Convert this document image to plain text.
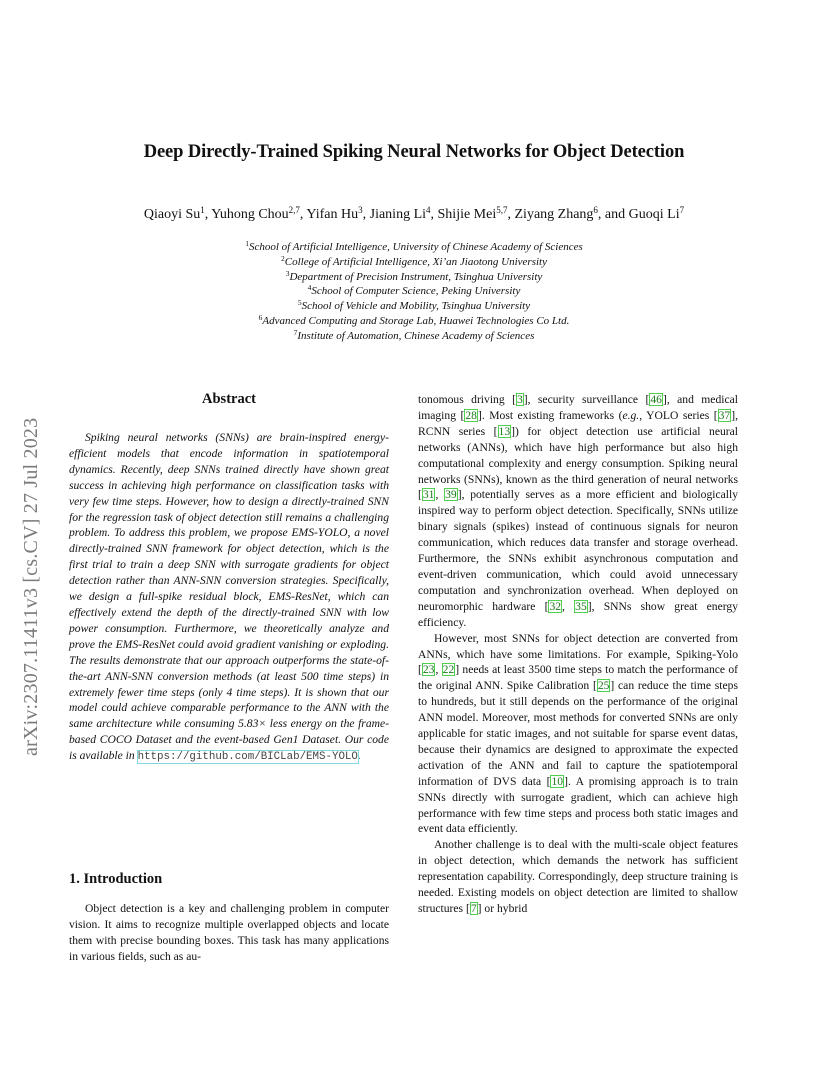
arXiv:2307.11411v3 [cs.CV] 27 Jul 2023
Deep Directly-Trained Spiking Neural Networks for Object Detection
Qiaoyi Su$^1$, Yuhong Chou$^{2,7}$, Yifan Hu$^3$, Jianing Li$^4$, Shijie Mei$^{5,7}$, Ziyang Zhang$^6$, and Guoqi Li$^7$
$^1$School of Artificial Intelligence, University of Chinese Academy of Sciences
$^2$College of Artificial Intelligence, Xi’an Jiaotong University
$^3$Department of Precision Instrument, Tsinghua University
$^4$School of Computer Science, Peking University
$^5$School of Vehicle and Mobility, Tsinghua University
$^6$Advanced Computing and Storage Lab, Huawei Technologies Co Ltd.
$^7$Institute of Automation, Chinese Academy of Sciences
Abstract
Spiking neural networks (SNNs) are brain-inspired energy-efficient models that encode information in spatiotemporal dynamics. Recently, deep SNNs trained directly have shown great success in achieving high performance on classification tasks with very few time steps. However, how to design a directly-trained SNN for the regression task of object detection still remains a challenging problem. To address this problem, we propose EMS-YOLO, a novel directly-trained SNN framework for object detection, which is the first trial to train a deep SNN with surrogate gradients for object detection rather than ANN-SNN conversion strategies. Specifically, we design a full-spike residual block, EMS-ResNet, which can effectively extend the depth of the directly-trained SNN with low power consumption. Furthermore, we theoretically analyze and prove the EMS-ResNet could avoid gradient vanishing or exploding. The results demonstrate that our approach outperforms the state-of-the-art ANN-SNN conversion methods (at least 500 time steps) in extremely fewer time steps (only 4 time steps). It is shown that our model could achieve comparable performance to the ANN with the same architecture while consuming 5.83× less energy on the frame-based COCO Dataset and the event-based Gen1 Dataset. Our code is available in https://github.com/BICLab/EMS-YOLO.
1. Introduction
Object detection is a key and challenging problem in computer vision. It aims to recognize multiple overlapped objects and locate them with precise bounding boxes. This task has many applications in various fields, such as au-

tonomous driving [3], security surveillance [46], and medical imaging [28]. Most existing frameworks (e.g., YOLO series [37], RCNN series [13]) for object detection use artificial neural networks (ANNs), which have high performance but also high computational complexity and energy consumption. Spiking neural networks (SNNs), known as the third generation of neural networks [31, 39], potentially serves as a more efficient and biologically inspired way to perform object detection. Specifically, SNNs utilize binary signals (spikes) instead of continuous signals for neuron communication, which reduces data transfer and storage overhead. Furthermore, the SNNs exhibit asynchronous computation and event-driven communication, which could avoid unnecessary computation and synchronization overhead. When deployed on neuromorphic hardware [32, 35], SNNs show great energy efficiency.

However, most SNNs for object detection are converted from ANNs, which have some limitations. For example, Spiking-Yolo [23, 22] needs at least 3500 time steps to match the performance of the original ANN. Spike Calibration [25] can reduce the time steps to hundreds, but it still depends on the performance of the original ANN model. Moreover, most methods for converted SNNs are only applicable for static images, and not suitable for sparse event datas, because their dynamics are designed to approximate the expected activation of the ANN and fail to capture the spatiotemporal information of DVS data [10]. A promising approach is to train SNNs directly with surrogate gradient, which can achieve high performance with few time steps and process both static images and event data efficiently.

Another challenge is to deal with the multi-scale object features in object detection, which demands the network has sufficient representation capability. Correspondingly, deep structure training is needed. Existing models on object detection are limited to shallow structures [7] or hybrid
